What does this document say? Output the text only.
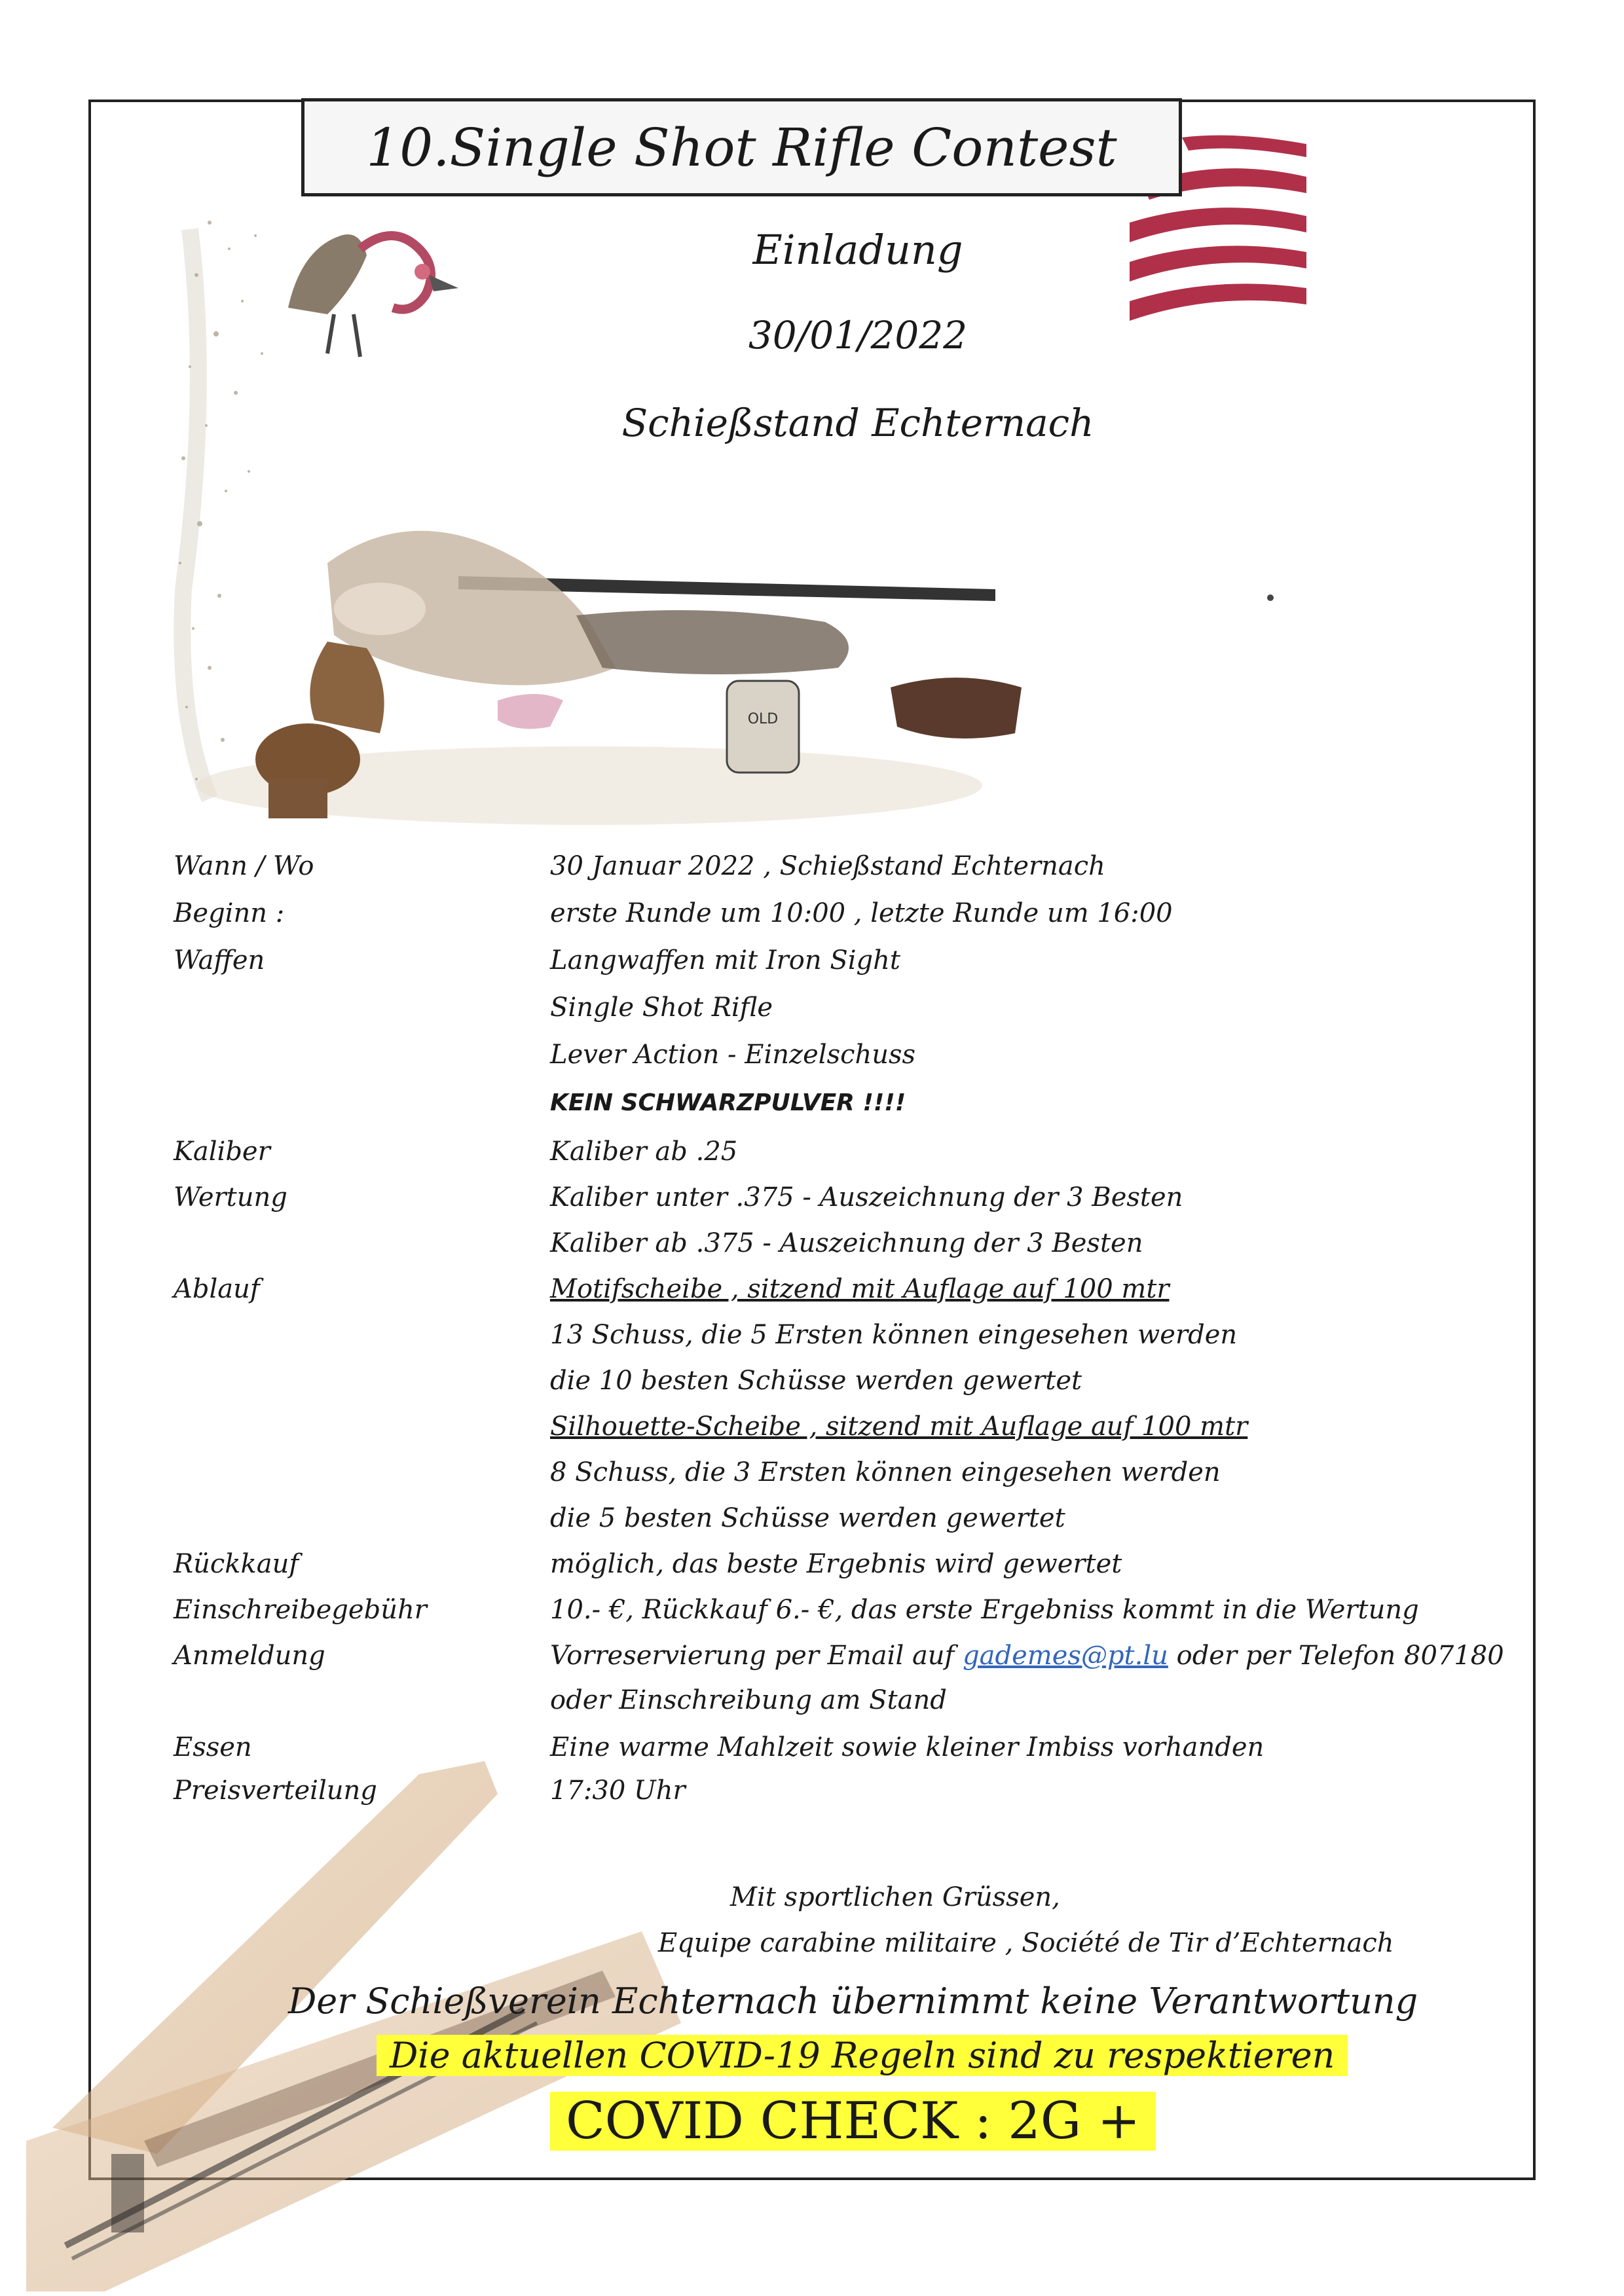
10.Single Shot Rifle Contest
Einladung
30/01/2022
Schießstand Echternach
OLD
Wann / Wo	30 Januar 2022 , Schießstand Echternach
Beginn :	erste Runde um 10:00 , letzte Runde um 16:00
Waffen	Langwaffen mit Iron Sight
Single Shot Rifle
Lever Action - Einzelschuss
KEIN SCHWARZPULVER !!!!
Kaliber	Kaliber ab .25
Wertung	Kaliber unter .375 - Auszeichnung der 3 Besten
Kaliber ab .375 - Auszeichnung der 3 Besten
Ablauf	Motifscheibe , sitzend mit Auflage auf 100 mtr
13 Schuss, die 5 Ersten können eingesehen werden
die 10 besten Schüsse werden gewertet
Silhouette-Scheibe , sitzend mit Auflage auf 100 mtr
8 Schuss, die 3 Ersten können eingesehen werden
die 5 besten Schüsse werden gewertet
Rückkauf	möglich, das beste Ergebnis wird gewertet
Einschreibegebühr	10.- €, Rückkauf 6.- €, das erste Ergebniss kommt in die Wertung
Anmeldung	Vorreservierung per Email auf gademes@pt.lu oder per Telefon 807180
oder Einschreibung am Stand
Essen	Eine warme Mahlzeit sowie kleiner Imbiss vorhanden
Preisverteilung	17:30 Uhr
Mit sportlichen Grüssen,
Equipe carabine militaire , Société de Tir d’Echternach
Der Schießverein Echternach übernimmt keine Verantwortung
Die aktuellen COVID-19 Regeln sind zu respektieren
COVID CHECK : 2G +
